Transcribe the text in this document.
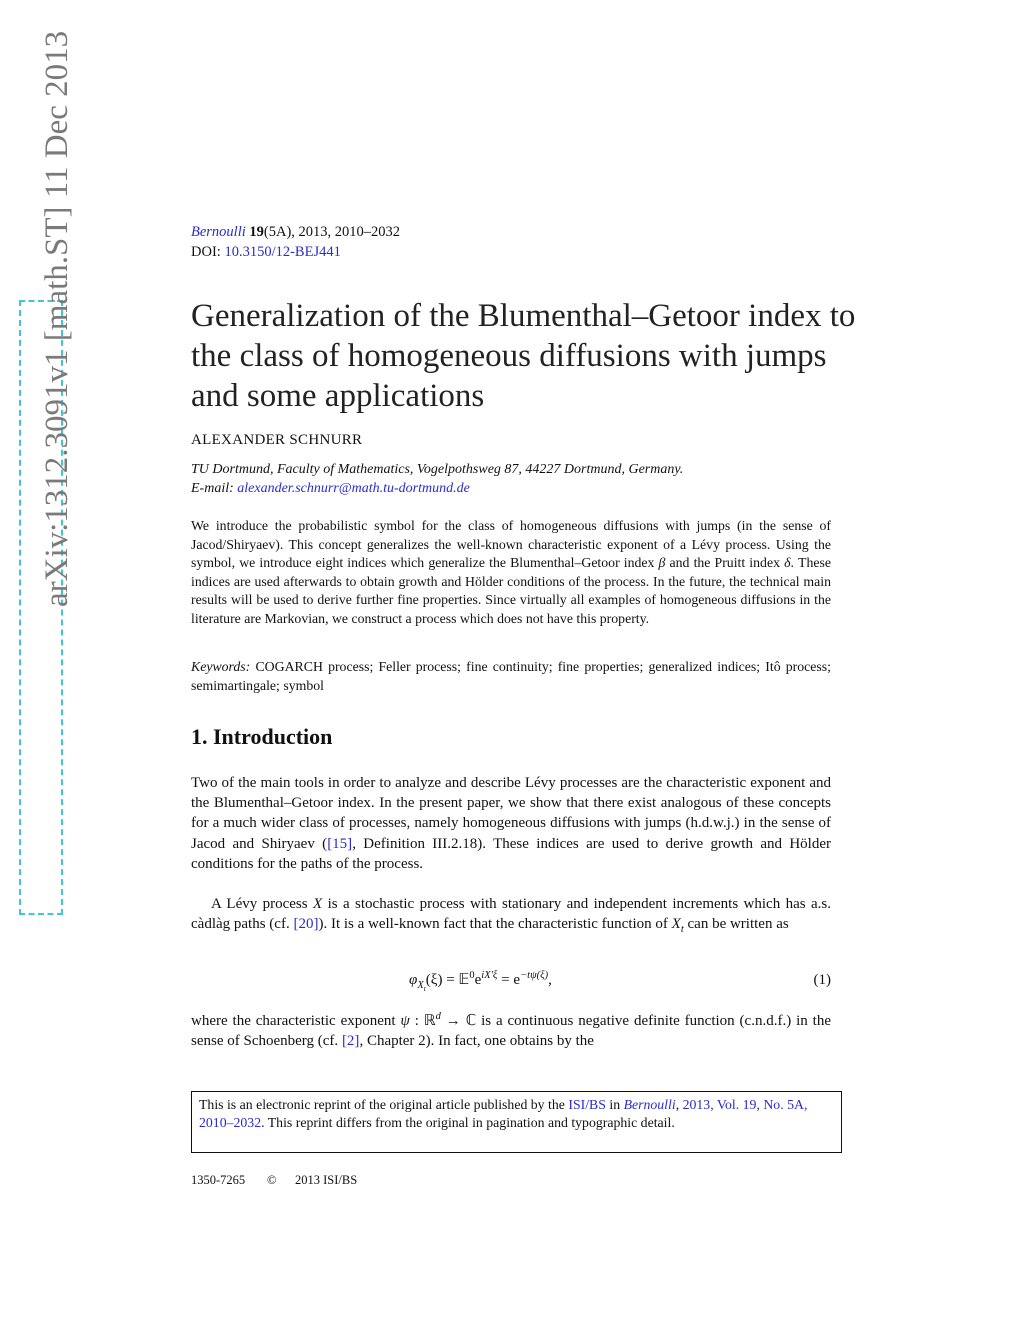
arXiv:1312.3091v1 [math.ST] 11 Dec 2013	Bernoulli 19(5A), 2013, 2010–2032
DOI: 10.3150/12-BEJ441
Generalization of the Blumenthal–Getoor index to the class of homogeneous diffusions with jumps and some applications
ALEXANDER SCHNURR
TU Dortmund, Faculty of Mathematics, Vogelpothsweg 87, 44227 Dortmund, Germany.
E-mail: alexander.schnurr@math.tu-dortmund.de

We introduce the probabilistic symbol for the class of homogeneous diffusions with jumps (in the sense of Jacod/Shiryaev). This concept generalizes the well-known characteristic exponent of a Lévy process. Using the symbol, we introduce eight indices which generalize the Blumenthal–Getoor index β and the Pruitt index δ. These indices are used afterwards to obtain growth and Hölder conditions of the process. In the future, the technical main results will be used to derive further fine properties. Since virtually all examples of homogeneous diffusions in the literature are Markovian, we construct a process which does not have this property.

Keywords: COGARCH process; Feller process; fine continuity; fine properties; generalized indices; Itô process; semimartingale; symbol

1. Introduction

Two of the main tools in order to analyze and describe Lévy processes are the characteristic exponent and the Blumenthal–Getoor index. In the present paper, we show that there exist analogous of these concepts for a much wider class of processes, namely homogeneous diffusions with jumps (h.d.w.j.) in the sense of Jacod and Shiryaev ([15], Definition III.2.18). These indices are used to derive growth and Hölder conditions for the paths of the process.

A Lévy process X is a stochastic process with stationary and independent increments which has a.s. càdlàg paths (cf. [20]). It is a well-known fact that the characteristic function of $X_t$ can be written as

$\varphi_{X_t}(\xi)$ = $𝔼^0e^{iX'\xi} = e^{-t\psi(\xi)}$,	(1)

where the characteristic exponent ψ : ℝ$^d$ → ℂ is a continuous negative definite function (c.n.d.f.) in the sense of Schoenberg (cf. [2], Chapter 2). In fact, one obtains by the

This is an electronic reprint of the original article published by the ISI/BS in Bernoulli, 2013, Vol. 19, No. 5A, 2010–2032. This reprint differs from the original in pagination and typographic detail.
1350-7265 © 2013 ISI/BS
